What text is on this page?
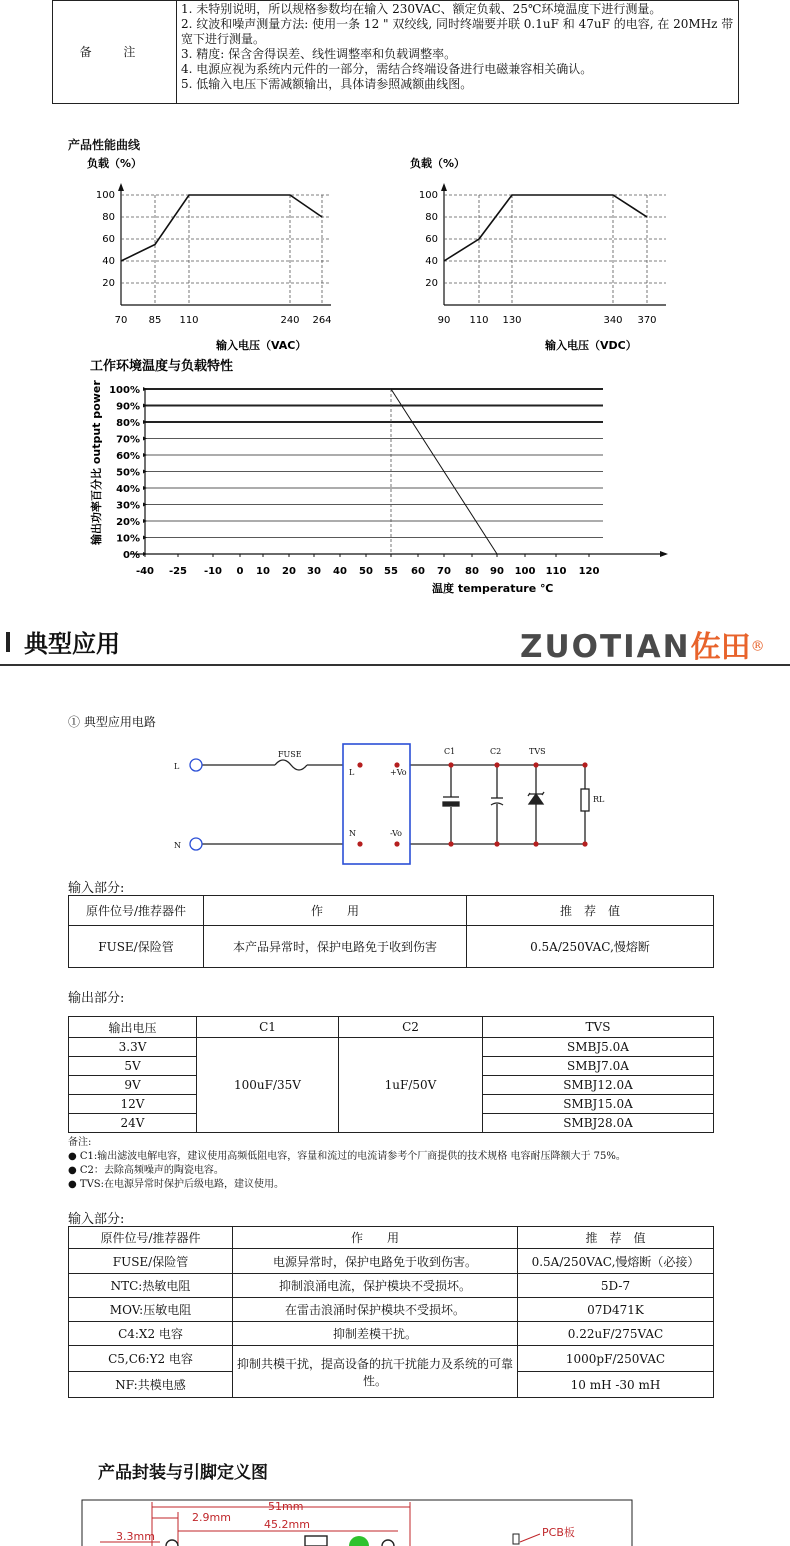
备 注	
1. 未特别说明，所以规格参数均在输入 230VAC、额定负载、25℃环境温度下进行测量。
2. 纹波和噪声测量方法: 使用一条 12 " 双绞线, 同时终端要并联 0.1uF 和 47uF 的电容, 在 20MHz 带宽下进行测量。
3. 精度: 保含舍得误差、线性调整率和负载调整率。
4. 电源应视为系统内元件的一部分，需结合终端设备进行电磁兼容相关确认。
5. 低输入电压下需减额输出，具体请参照减额曲线图。
产品性能曲线
20
40
60
80
100
70 85 110	240 264
负载（%）
输入电压（VAC）
20
40
60
80
100
90 110 130	340 370
负载（%）
输入电压（VDC）
工作环境温度与负载特性
0%
10%
20%
30%
40%
50%
60%
70%
80%
90%
100%
-40 -25 -10 0 10 20 30 40 50 55 60 70 80 90 100 110 120
输出功率百分比 output power
温度 temperature ℃
典型应用	ZUOTIAN佐田®
① 典型应用电路
L
N
FUSE
L
N
+Vo
-Vo
C1	C2	TVS
RL
输入部分:
原件位号/推荐器件	作　　用	推　荐　值
FUSE/保险管	本产品异常时，保护电路免于收到伤害	0.5A/250VAC,慢熔断
输出部分:
输出电压	C1	C2	TVS
3.3V	100uF/35V	1uF/50V	SMBJ5.0A
5V			SMBJ7.0A
9V			SMBJ12.0A
12V			SMBJ15.0A
24V			SMBJ28.0A
备注:
● C1:输出滤波电解电容，建议使用高频低阻电容，容量和流过的电流请参考个厂商提供的技术规格 电容耐压降额大于 75%。
● C2：去除高频噪声的陶瓷电容。
● TVS:在电源异常时保护后级电路，建议使用。
输入部分:
原件位号/推荐器件	作　　用	推　荐　值
FUSE/保险管	电源异常时，保护电路免于收到伤害。	0.5A/250VAC,慢熔断（必接）
NTC:热敏电阻	抑制浪涌电流，保护模块不受损坏。	5D-7
MOV:压敏电阻	在雷击浪涌时保护模块不受损坏。	07D471K
C4:X2 电容	抑制差模干扰。	0.22uF/275VAC
C5,C6:Y2 电容	抑制共模干扰，提高设备的抗干扰能力及系统的可靠性。	1000pF/250VAC
NF:共模电感		10 mH -30 mH
产品封装与引脚定义图
51mm
2.9mm
45.2mm
3.3mm	PCB板
